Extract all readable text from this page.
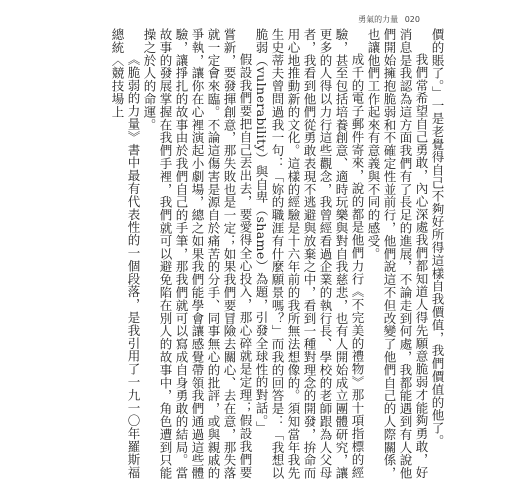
勇氣的力量 020

價的賬了。」一是老覺得自己不夠好所得這樣自我價值，我們價值的他了。

我們常希望自己勇敢，內心深處我們都知道人得先願意脆弱才能夠勇敢，好消息是我認為這方面我們有了長足的進展，不論走到何處，我都能遇到有人說他們開始擁抱脆弱和不確定性並前行，他們說這不但改變了他們自己的人際關係，也讓他們工作起來有意義與不同的感受。

成千的電子郵件寄來，說的都是他們力行《不完美的禮物》那十項指標的經驗，甚至包括培養創意、適時玩樂與對自我慈悲，也有人開始成立團體研究，讓更多的人得以力行這些觀念，我曾經看過企業的執行長、學校的老師跟為人父母者，我看到他們從勇敢表現不逃避與放棄之中，看到一種對理念的開發，拚命而用心地推動新的文化。這樣的經驗是十六年前的我所無法想像的。須知當年我先生史蒂夫曾問過我一句：「妳的職涯有什麼願景嗎？」而我的回答是：「我想以脆弱（vulnerability）與自卑（shame）為題，引發全球性的對話。」

假設我們要把自己丟出去，要愛得全心投入，那心碎就是定理；假設我們要嘗新，要發揮創意，那失敗也是一定；如果我們要冒險去關心、去在意，那失落就一定會來臨。不論這傷害是源自於痛苦的分手、同事無心的批評，或與親戚的爭執，讓你在心裡演起小劇場，總之如果我們能學會讓感覺帶領我們通過這些體驗，讓掙扎的故事由於我們自己的手筆，那我們就可以寫成自身勇敢的結局。當故事的發展掌握在我們手裡，我們就可以避免陷在別人的故事中，角色遭到只能操之於人的命運。

《脆弱的力量》書中最有代表性的一個段落，是我引用了一九一〇年羅斯福總統〈競技場上
